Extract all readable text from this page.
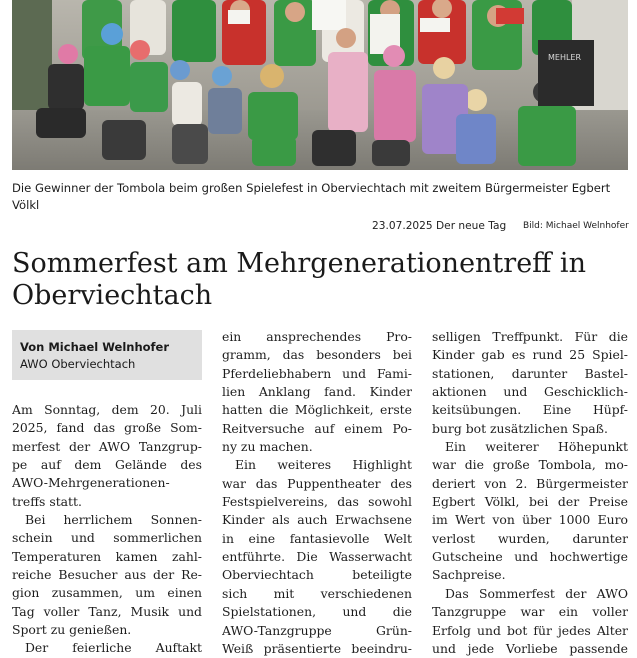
MEHLER
Die Gewinner der Tombola beim großen Spielefest in Oberviechtach mit zweitem Bürgermeister Egbert Völkl
23.07.2025 Der neue Tag Bild: Michael Welnhofer
Sommerfest am Mehrgenerationentreff in Oberviechtach
Von Michael Welnhofer
AWO Oberviechtach
Am Sonntag, dem 20. Juli
2025, fand das große Som-
merfest der AWO Tanzgrup-
pe auf dem Gelände des
AWO-Mehrgenerationen-
treffs statt.
Bei herrlichem Sonnen-
schein und sommerlichen
Temperaturen kamen zahl-
reiche Besucher aus der Re-
gion zusammen, um einen
Tag voller Tanz, Musik und
Sport zu genießen.
Der feierliche Auftakt
ein ansprechendes Pro-
gramm, das besonders bei
Pferdeliebhabern und Fami-
lien Anklang fand. Kinder
hatten die Möglichkeit, erste
Reitversuche auf einem Po-
ny zu machen.
Ein weiteres Highlight
war das Puppentheater des
Festspielvereins, das sowohl
Kinder als auch Erwachsene
in eine fantasievolle Welt
entführte. Die Wasserwacht
Oberviechtach beteiligte
sich mit verschiedenen
Spielstationen, und die
AWO-Tanzgruppe Grün-
Weiß präsentierte beeindru-
selligen Treffpunkt. Für die
Kinder gab es rund 25 Spiel-
stationen, darunter Bastel-
aktionen und Geschicklich-
keitsübungen. Eine Hüpf-
burg bot zusätzlichen Spaß.
Ein weiterer Höhepunkt
war die große Tombola, mo-
deriert von 2. Bürgermeister
Egbert Völkl, bei der Preise
im Wert von über 1000 Euro
verlost wurden, darunter
Gutscheine und hochwertige
Sachpreise.
Das Sommerfest der AWO
Tanzgruppe war ein voller
Erfolg und bot für jedes Alter
und jede Vorliebe passende
